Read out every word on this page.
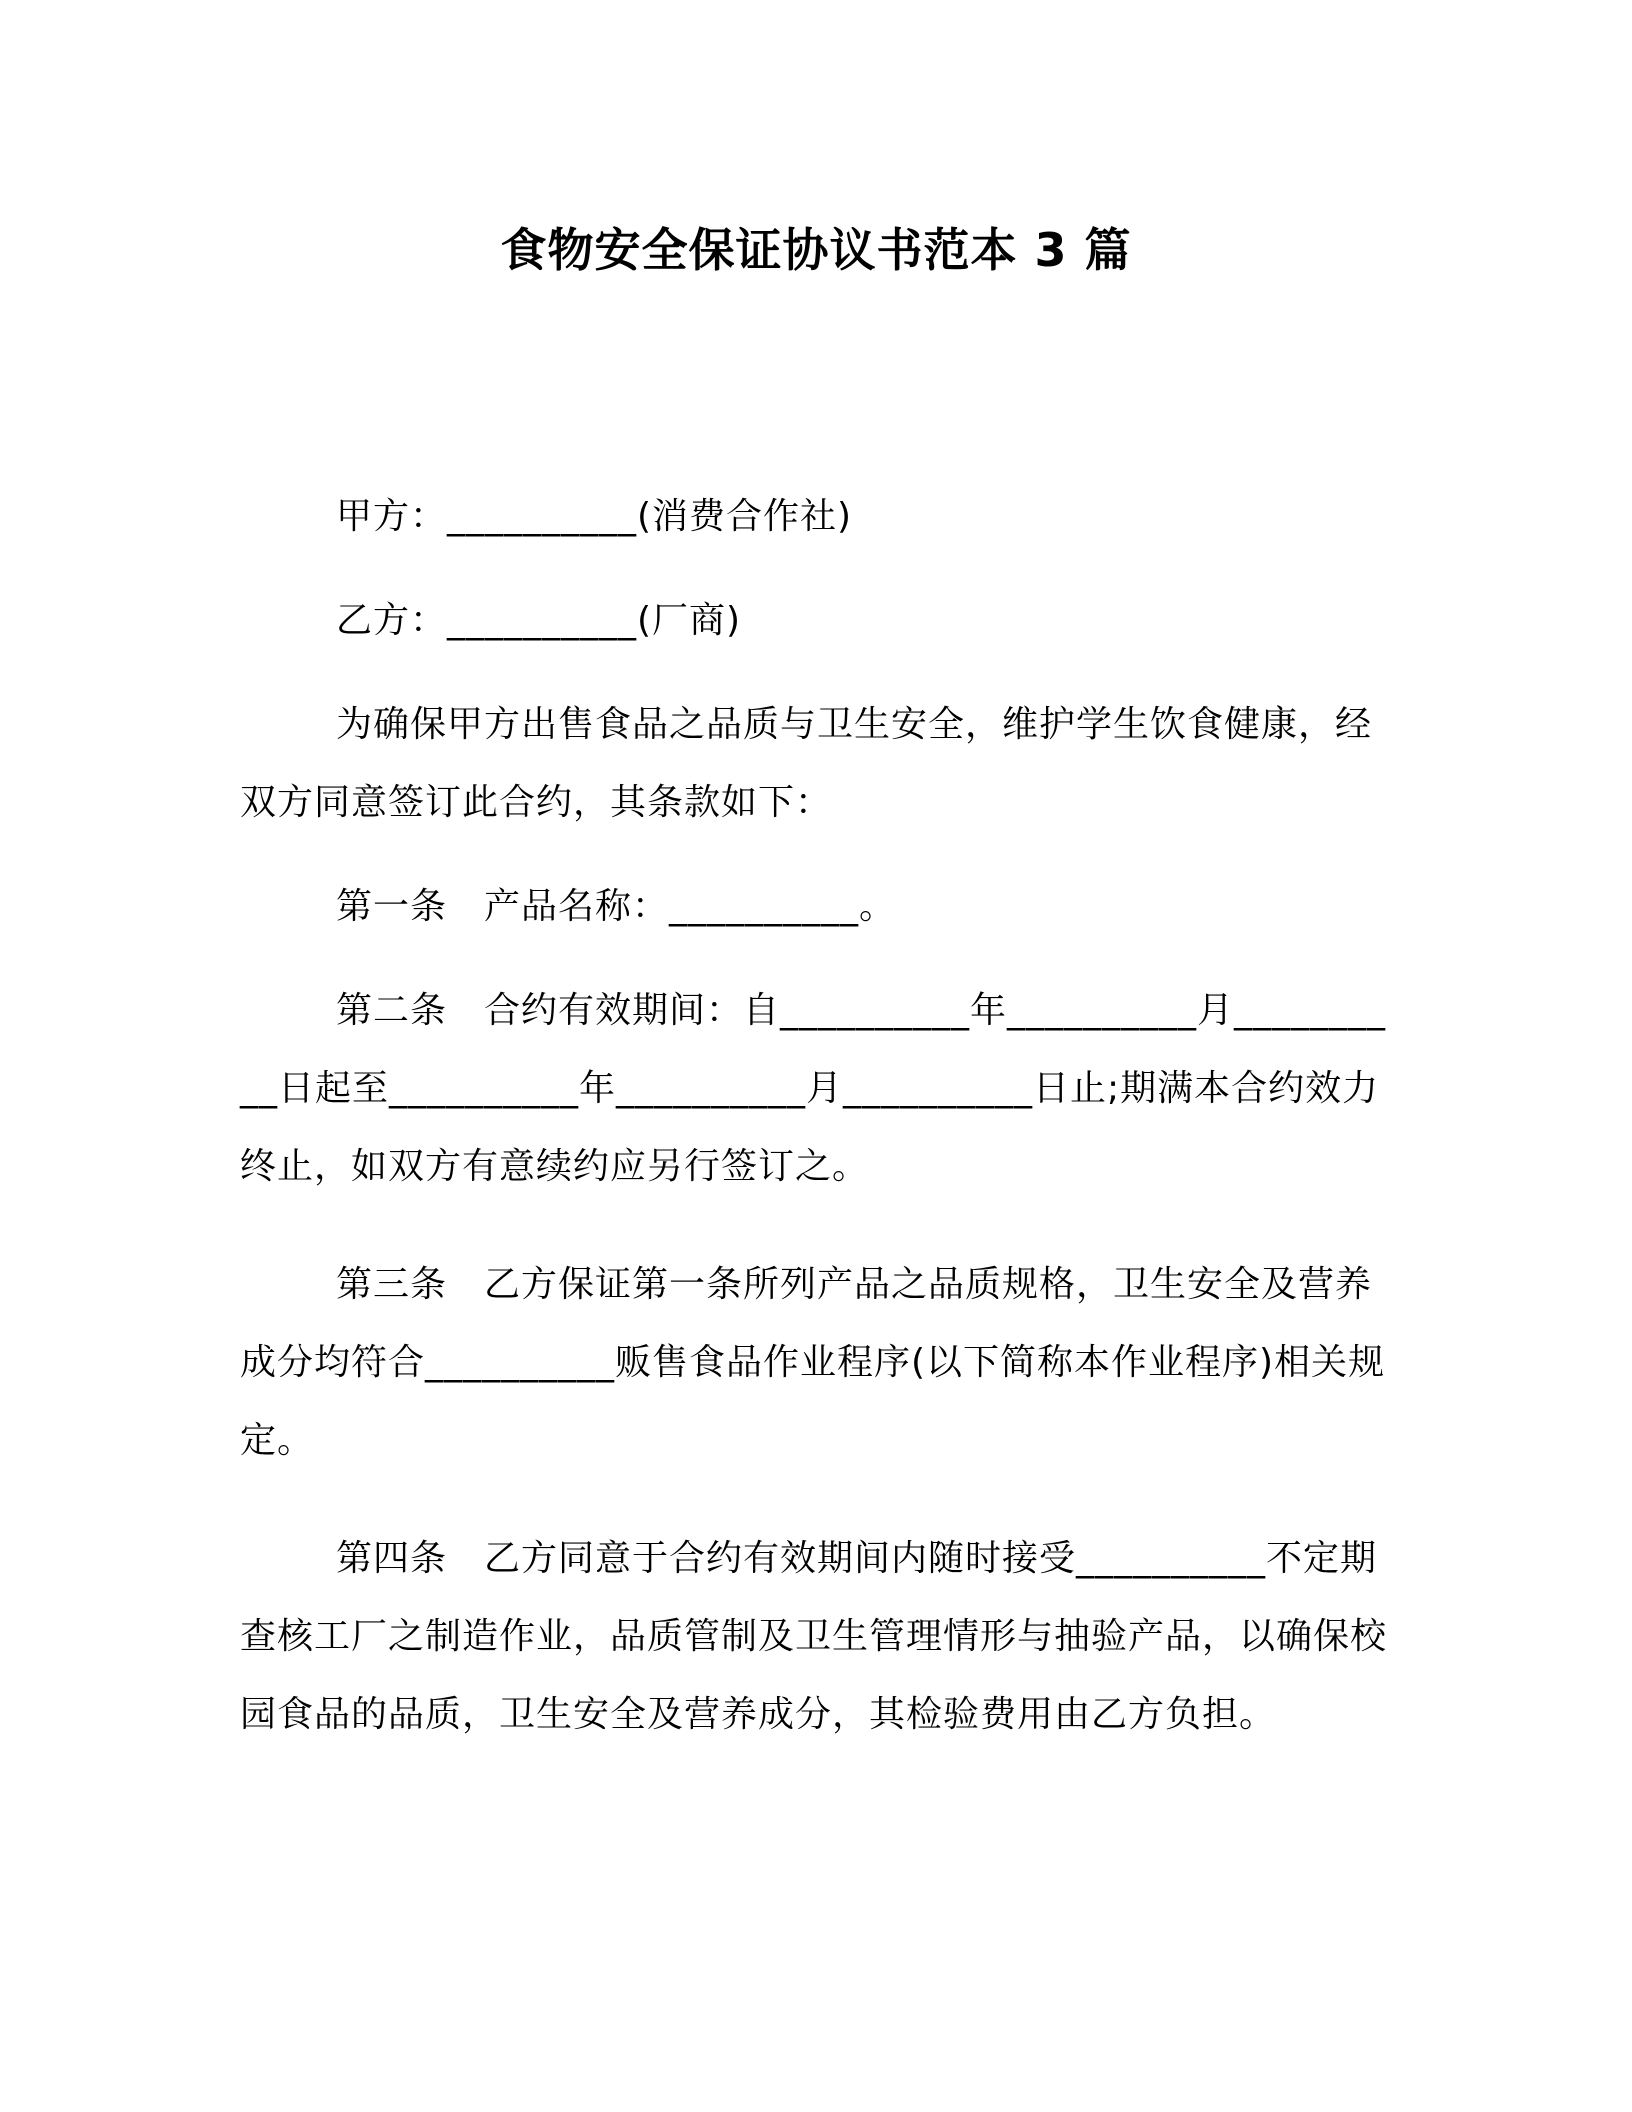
食物安全保证协议书范本 3 篇

甲方：__________(消费合作社)

乙方：__________(厂商)

为确保甲方出售食品之品质与卫生安全，维护学生饮食健康，经双方同意签订此合约，其条款如下：

第一条　产品名称：__________。

第二条　合约有效期间：自__________年__________月__________日起至__________年__________月__________日止;期满本合约效力终止，如双方有意续约应另行签订之。

第三条　乙方保证第一条所列产品之品质规格，卫生安全及营养成分均符合__________贩售食品作业程序(以下简称本作业程序)相关规定。

第四条　乙方同意于合约有效期间内随时接受__________不定期查核工厂之制造作业，品质管制及卫生管理情形与抽验产品，以确保校园食品的品质，卫生安全及营养成分，其检验费用由乙方负担。
